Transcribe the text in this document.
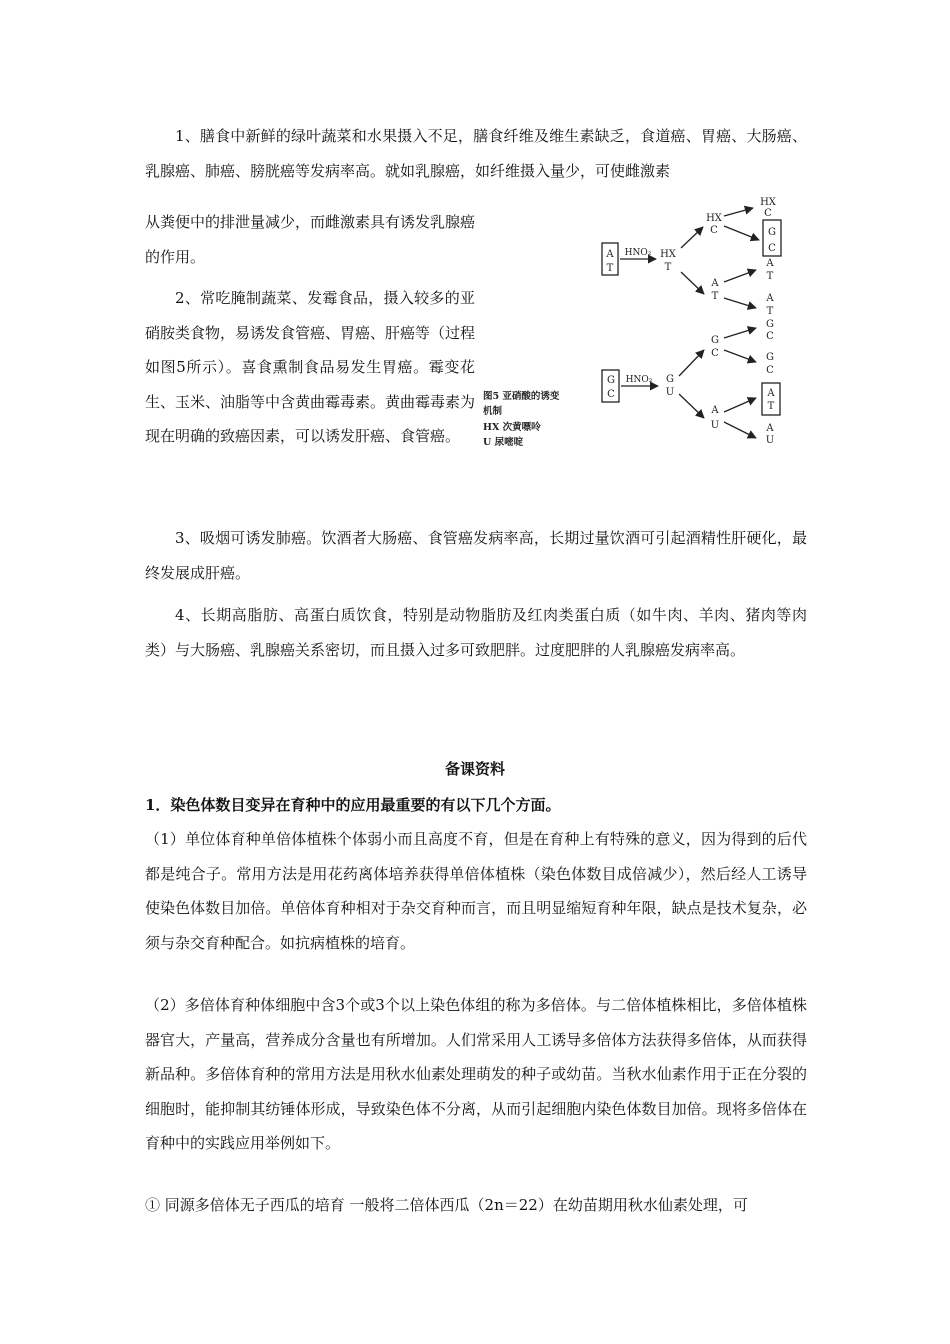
1、膳食中新鲜的绿叶蔬菜和水果摄入不足，膳食纤维及维生素缺乏，食道癌、胃癌、大肠癌、乳腺癌、肺癌、膀胱癌等发病率高。就如乳腺癌，如纤维摄入量少，可使雌激素

从粪便中的排泄量减少，而雌激素具有诱发乳腺癌的作用。

2、常吃腌制蔬菜、发霉食品，摄入较多的亚硝胺类食物，易诱发食管癌、胃癌、肝癌等（过程如图5所示）。喜食熏制食品易发生胃癌。霉变花生、玉米、油脂等中含黄曲霉毒素。黄曲霉毒素为现在明确的致癌因素，可以诱发肝癌、食管癌。

A
T
HNO₂ HX
T
HX
C
HX
C
G
C
A
T
A
T
A
T
G
C
HNO₂ G
U
G
C
G
C
G
C
A
U
A
T
A
U
图5 亚硝酸的诱变
机制
HX 次黄嘌呤
U 尿嘧啶

3、吸烟可诱发肺癌。饮酒者大肠癌、食管癌发病率高，长期过量饮酒可引起酒精性肝硬化，最终发展成肝癌。

4、长期高脂肪、高蛋白质饮食，特别是动物脂肪及红肉类蛋白质（如牛肉、羊肉、猪肉等肉类）与大肠癌、乳腺癌关系密切，而且摄入过多可致肥胖。过度肥胖的人乳腺癌发病率高。

备课资料

1．染色体数目变异在育种中的应用最重要的有以下几个方面。

（1）单位体育种单倍体植株个体弱小而且高度不育，但是在育种上有特殊的意义，因为得到的后代都是纯合子。常用方法是用花药离体培养获得单倍体植株（染色体数目成倍减少），然后经人工诱导使染色体数目加倍。单倍体育种相对于杂交育种而言，而且明显缩短育种年限，缺点是技术复杂，必须与杂交育种配合。如抗病植株的培育。

（2）多倍体育种体细胞中含3个或3个以上染色体组的称为多倍体。与二倍体植株相比，多倍体植株器官大，产量高，营养成分含量也有所增加。人们常采用人工诱导多倍体方法获得多倍体，从而获得新品种。多倍体育种的常用方法是用秋水仙素处理萌发的种子或幼苗。当秋水仙素作用于正在分裂的细胞时，能抑制其纺锤体形成，导致染色体不分离，从而引起细胞内染色体数目加倍。现将多倍体在育种中的实践应用举例如下。

① 同源多倍体无子西瓜的培育 一般将二倍体西瓜（2n＝22）在幼苗期用秋水仙素处理，可
